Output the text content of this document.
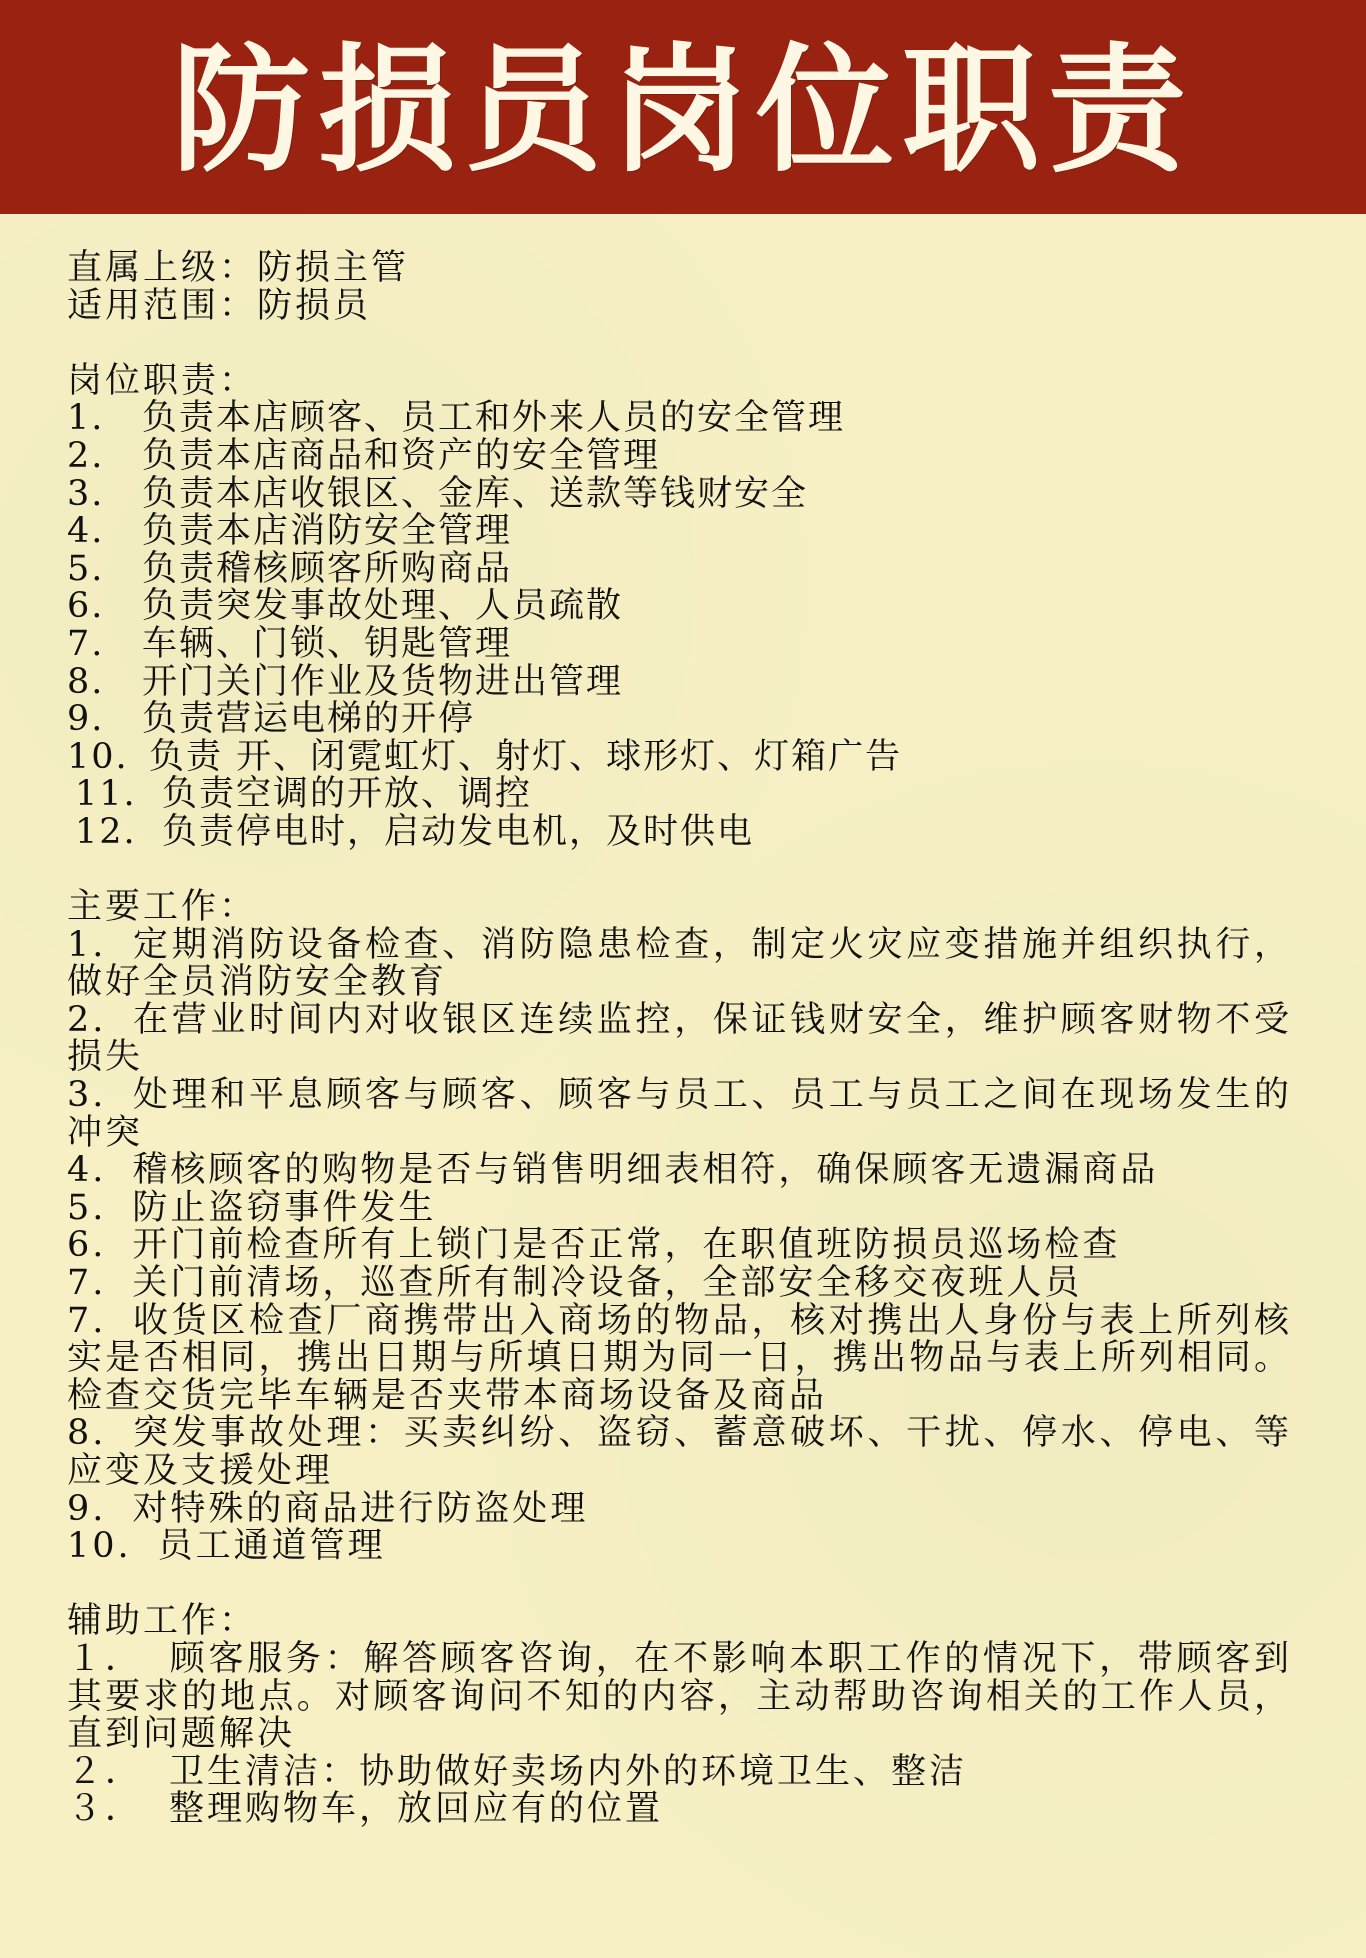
防损员岗位职责
直属上级：防损主管
适用范围：防损员
岗位职责：
1.	负责本店顾客、员工和外来人员的安全管理
2.	负责本店商品和资产的安全管理
3.	负责本店收银区、金库、送款等钱财安全
4.	负责本店消防安全管理
5.	负责稽核顾客所购商品
6.	负责突发事故处理、人员疏散
7.	车辆、门锁、钥匙管理
8.	开门关门作业及货物进出管理
9.	负责营运电梯的开停
10. 负责 开、闭霓虹灯、射灯、球形灯、灯箱广告
11. 负责空调的开放、调控
12. 负责停电时，启动发电机，及时供电
主要工作：
1. 定期消防设备检查、消防隐患检查，制定火灾应变措施并组织执行，做好全员消防安全教育
2. 在营业时间内对收银区连续监控，保证钱财安全，维护顾客财物不受损失
3. 处理和平息顾客与顾客、顾客与员工、员工与员工之间在现场发生的冲突
4. 稽核顾客的购物是否与销售明细表相符，确保顾客无遗漏商品
5. 防止盗窃事件发生
6. 开门前检查所有上锁门是否正常，在职值班防损员巡场检查
7. 关门前清场，巡查所有制冷设备，全部安全移交夜班人员
7. 收货区检查厂商携带出入商场的物品，核对携出人身份与表上所列核实是否相同，携出日期与所填日期为同一日，携出物品与表上所列相同。检查交货完毕车辆是否夹带本商场设备及商品
8. 突发事故处理：买卖纠纷、盗窃、蓄意破坏、干扰、停水、停电、等应变及支援处理
9. 对特殊的商品进行防盗处理
10. 员工通道管理
辅助工作：
１． 顾客服务：解答顾客咨询，在不影响本职工作的情况下，带顾客到其要求的地点。对顾客询问不知的内容，主动帮助咨询相关的工作人员，直到问题解决
２． 卫生清洁：协助做好卖场内外的环境卫生、整洁
３． 整理购物车，放回应有的位置
